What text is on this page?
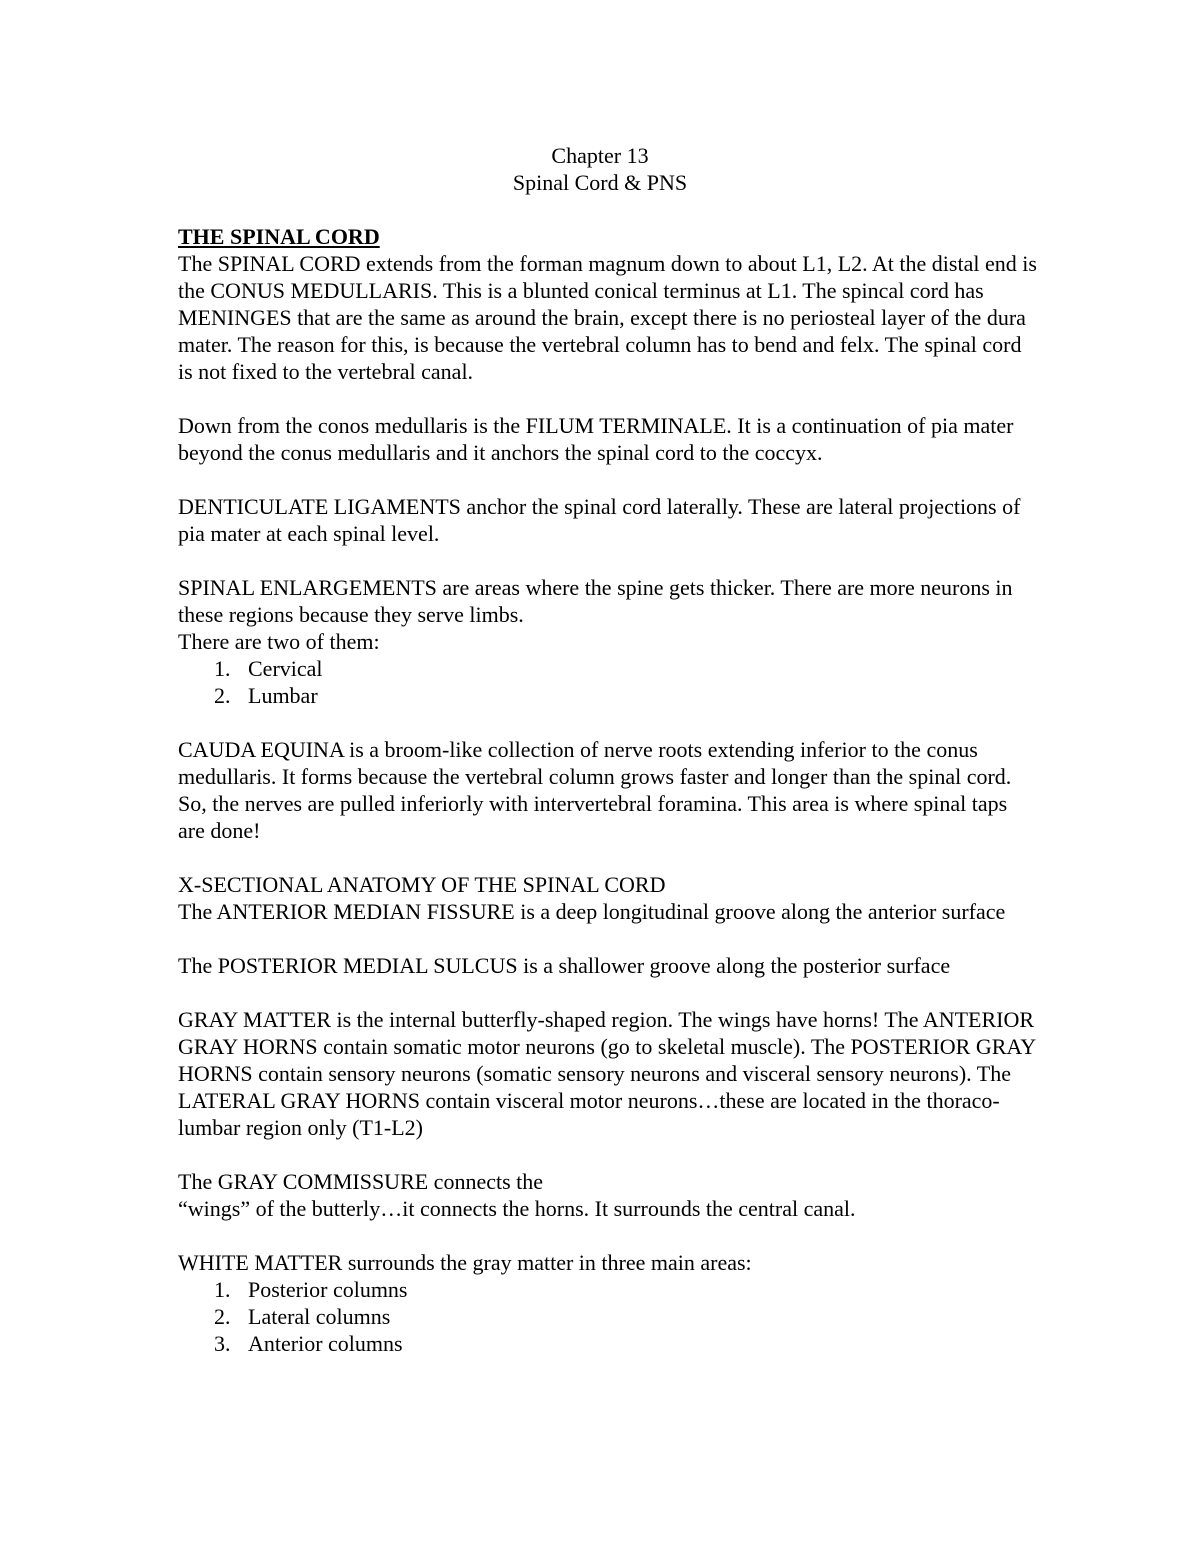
Chapter 13
Spinal Cord & PNS
THE SPINAL CORD

The SPINAL CORD extends from the forman magnum down to about L1, L2. At the distal end is the CONUS MEDULLARIS. This is a blunted conical terminus at L1. The spincal cord has MENINGES that are the same as around the brain, except there is no periosteal layer of the dura mater. The reason for this, is because the vertebral column has to bend and felx. The spinal cord is not fixed to the vertebral canal.

Down from the conos medullaris is the FILUM TERMINALE. It is a continuation of pia mater beyond the conus medullaris and it anchors the spinal cord to the coccyx.

DENTICULATE LIGAMENTS anchor the spinal cord laterally. These are lateral projections of pia mater at each spinal level.

SPINAL ENLARGEMENTS are areas where the spine gets thicker. There are more neurons in these regions because they serve limbs.

There are two of them:

1. Cervical
2. Lumbar

CAUDA EQUINA is a broom-like collection of nerve roots extending inferior to the conus medullaris. It forms because the vertebral column grows faster and longer than the spinal cord. So, the nerves are pulled inferiorly with intervertebral foramina. This area is where spinal taps are done!

X-SECTIONAL ANATOMY OF THE SPINAL CORD

The ANTERIOR MEDIAN FISSURE is a deep longitudinal groove along the anterior surface

The POSTERIOR MEDIAL SULCUS is a shallower groove along the posterior surface

GRAY MATTER is the internal butterfly-shaped region. The wings have horns! The ANTERIOR GRAY HORNS contain somatic motor neurons (go to skeletal muscle). The POSTERIOR GRAY HORNS contain sensory neurons (somatic sensory neurons and visceral sensory neurons). The LATERAL GRAY HORNS contain visceral motor neurons…these are located in the thoraco-lumbar region only (T1-L2)

The GRAY COMMISSURE connects the

“wings” of the butterly…it connects the horns. It surrounds the central canal.

WHITE MATTER surrounds the gray matter in three main areas:

1. Posterior columns
2. Lateral columns
3. Anterior columns
